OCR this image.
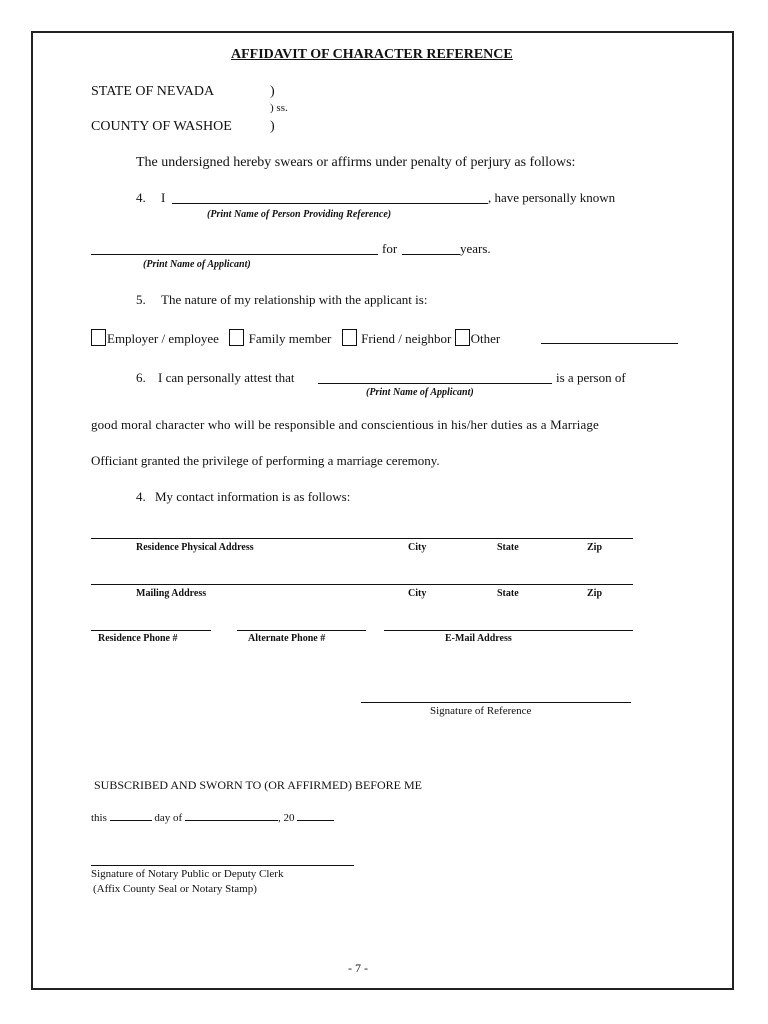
AFFIDAVIT OF CHARACTER REFERENCE
STATE OF NEVADA	)
) ss.
COUNTY OF WASHOE	)
The undersigned hereby swears or affirms under penalty of perjury as follows:
4. I	, have personally known
(Print Name of Person Providing Reference)
for	years.
(Print Name of Applicant)
5. The nature of my relationship with the applicant is:
Employer / employee Family member Friend / neighbor Other
6. I can personally attest that	is a person of
(Print Name of Applicant)
good moral character who will be responsible and conscientious in his/her duties as a Marriage
Officiant granted the privilege of performing a marriage ceremony.
4. My contact information is as follows:
Residence Physical Address	City	State	Zip
Mailing Address	City	State	Zip
Residence Phone #	Alternate Phone #	E-Mail Address
Signature of Reference
SUBSCRIBED AND SWORN TO (OR AFFIRMED) BEFORE ME
this	day of	, 20
Signature of Notary Public or Deputy Clerk
(Affix County Seal or Notary Stamp)
- 7 -
